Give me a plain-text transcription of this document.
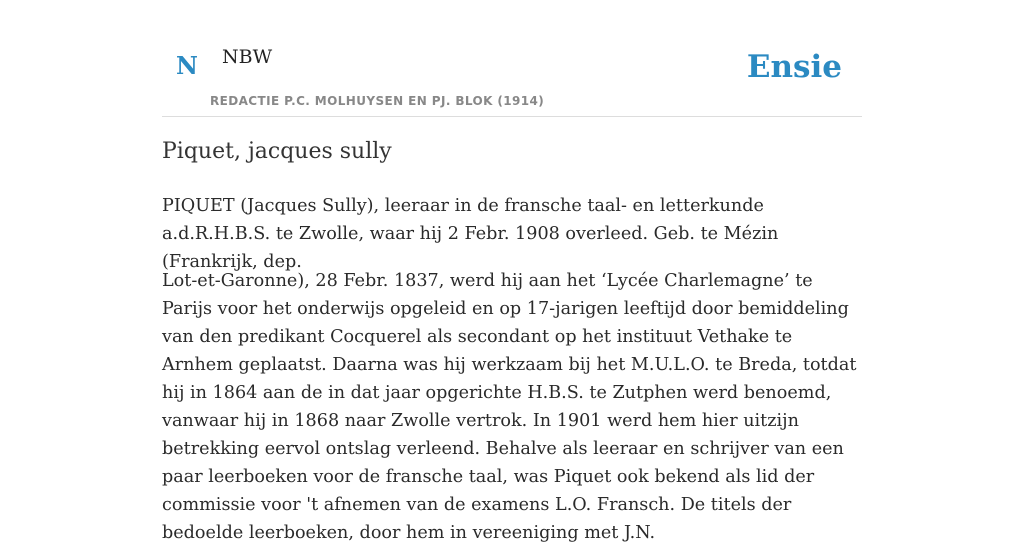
N NBW
REDACTIE P.C. MOLHUYSEN EN PJ. BLOK (1914)
Ensie
Piquet, jacques sully

PIQUET (Jacques Sully), leeraar in de fransche taal- en letterkunde a.d.R.H.B.S. te Zwolle, waar hij 2 Febr. 1908 overleed. Geb. te Mézin (Frankrijk, dep.

Lot-et-Garonne), 28 Febr. 1837, werd hij aan het ‘Lycée Charlemagne’ te Parijs voor het onderwijs opgeleid en op 17-jarigen leeftijd door bemiddeling van den predikant Cocquerel als secondant op het instituut Vethake te Arnhem geplaatst. Daarna was hij werkzaam bij het M.U.L.O. te Breda, totdat hij in 1864 aan de in dat jaar opgerichte H.B.S. te Zutphen werd benoemd, vanwaar hij in 1868 naar Zwolle vertrok. In 1901 werd hem hier uitzijn betrekking eervol ontslag verleend. Behalve als leeraar en schrijver van een paar leerboeken voor de fransche taal, was Piquet ook bekend als lid der commissie voor 't afnemen van de examens L.O. Fransch. De titels der bedoelde leerboeken, door hem in vereeniging met J.N.
